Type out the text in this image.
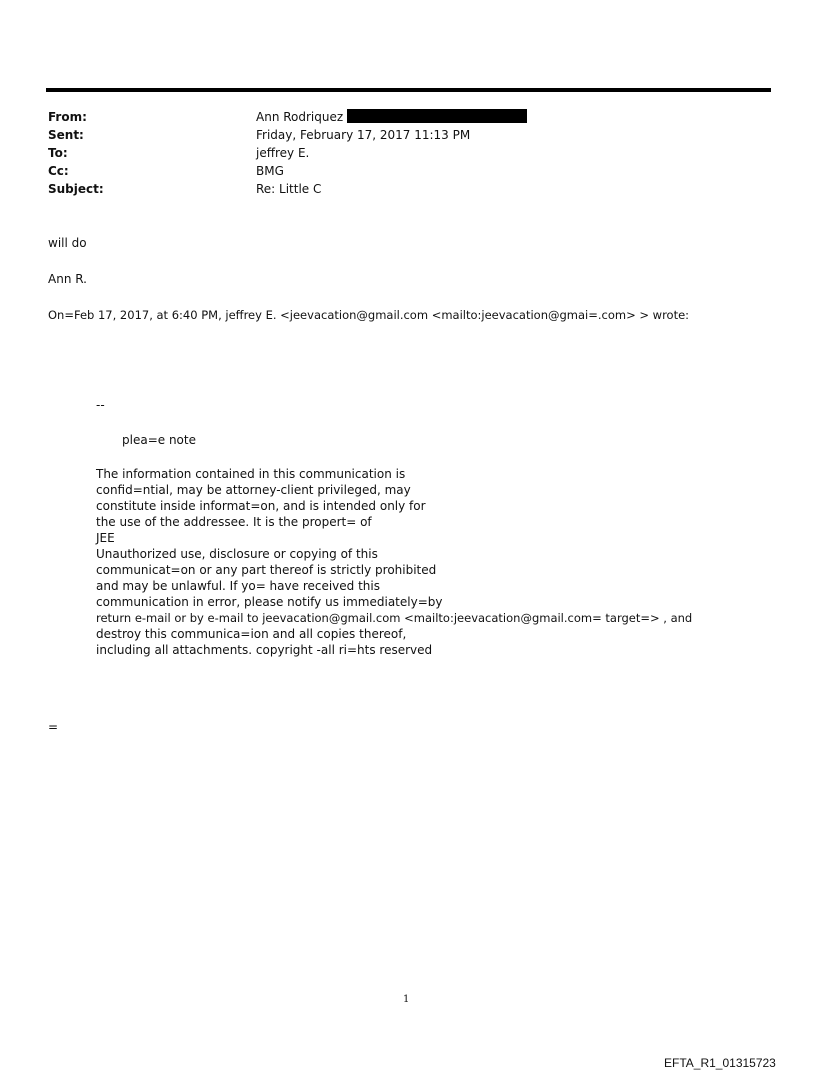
From:	Ann Rodriquez
Sent:	Friday, February 17, 2017 11:13 PM
To:	jeffrey E.
Cc:	BMG
Subject:	Re: Little C
will do
Ann R.
On=Feb 17, 2017, at 6:40 PM, jeffrey E. <jeevacation@gmail.com <mailto:jeevacation@gmai=.com> > wrote:
--
plea=e note
The information contained in this communication is
confid=ntial, may be attorney-client privileged, may
constitute inside informat=on, and is intended only for
the use of the addressee. It is the propert= of
JEE
Unauthorized use, disclosure or copying of this
communicat=on or any part thereof is strictly prohibited
and may be unlawful. If yo= have received this
communication in error, please notify us immediately=by
return e-mail or by e-mail to jeevacation@gmail.com <mailto:jeevacation@gmail.com= target=> , and
destroy this communica=ion and all copies thereof,
including all attachments. copyright -all ri=hts reserved
=
1
EFTA_R1_01315723
